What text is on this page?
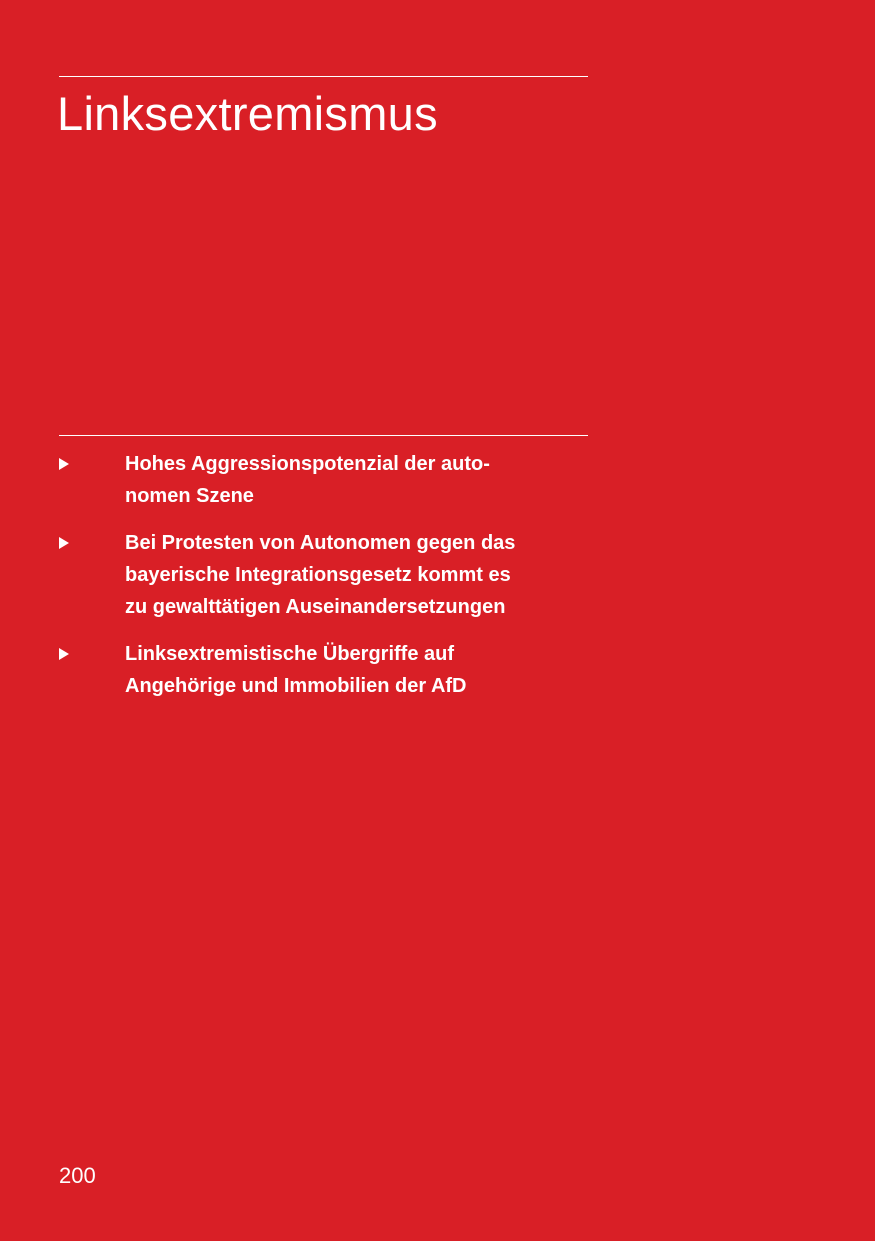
Linksextremismus
Hohes Aggressionspotenzial der auto-
nomen Szene
Bei Protesten von Autonomen gegen das
bayerische Integrationsgesetz kommt es
zu gewalttätigen Auseinandersetzungen
Linksextremistische Übergriffe auf
Angehörige und Immobilien der AfD
200
